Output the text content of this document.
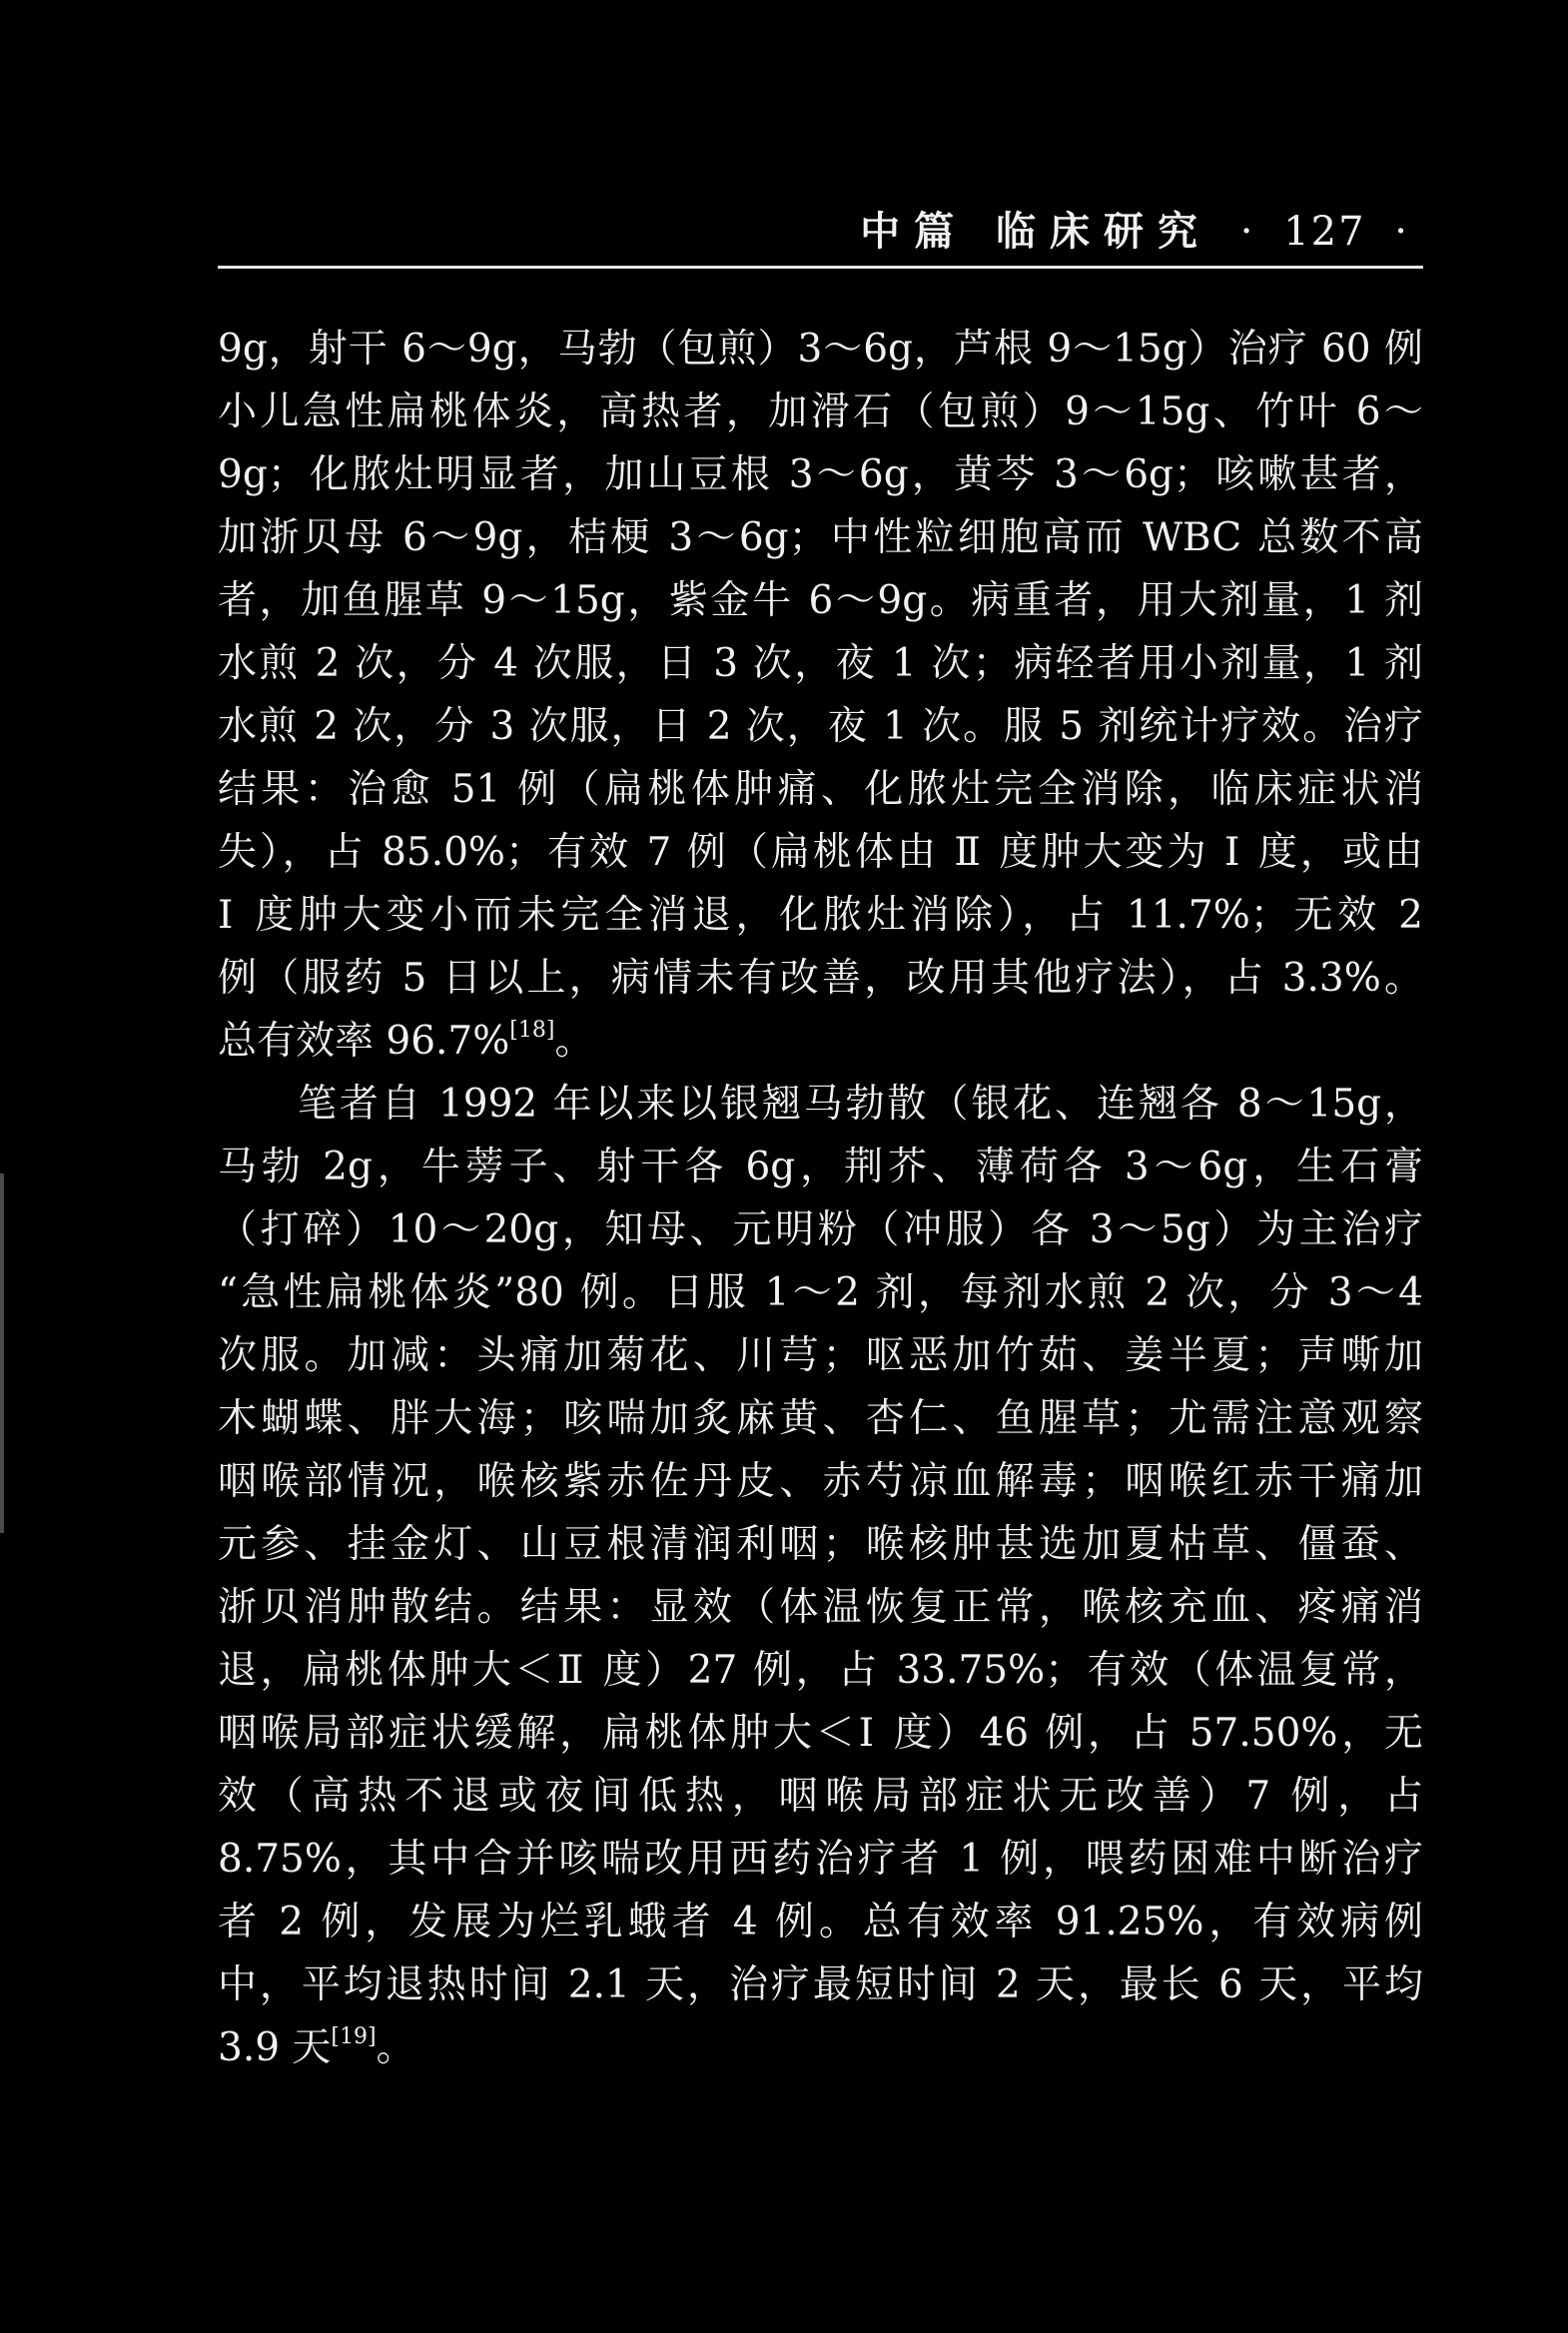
中篇 临床研究 · 127 ·
9g，射干 6～9g，马勃（包煎）3～6g，芦根 9～15g）治疗 60 例
小儿急性扁桃体炎，高热者，加滑石（包煎）9～15g、竹叶 6～
9g；化脓灶明显者，加山豆根 3～6g，黄芩 3～6g；咳嗽甚者，
加浙贝母 6～9g，桔梗 3～6g；中性粒细胞高而 WBC 总数不高
者，加鱼腥草 9～15g，紫金牛 6～9g。病重者，用大剂量，1 剂
水煎 2 次，分 4 次服，日 3 次，夜 1 次；病轻者用小剂量，1 剂
水煎 2 次，分 3 次服，日 2 次，夜 1 次。服 5 剂统计疗效。治疗
结果：治愈 51 例（扁桃体肿痛、化脓灶完全消除，临床症状消
失），占 85.0%；有效 7 例（扁桃体由 Ⅱ 度肿大变为 Ⅰ 度，或由
Ⅰ 度肿大变小而未完全消退，化脓灶消除），占 11.7%；无效 2
例（服药 5 日以上，病情未有改善，改用其他疗法），占 3.3%。
总有效率 96.7%[18]。
笔者自 1992 年以来以银翘马勃散（银花、连翘各 8～15g，
马勃 2g，牛蒡子、射干各 6g，荆芥、薄荷各 3～6g，生石膏
（打碎）10～20g，知母、元明粉（冲服）各 3～5g）为主治疗
“急性扁桃体炎”80 例。日服 1～2 剂，每剂水煎 2 次，分 3～4
次服。加减：头痛加菊花、川芎；呕恶加竹茹、姜半夏；声嘶加
木蝴蝶、胖大海；咳喘加炙麻黄、杏仁、鱼腥草；尤需注意观察
咽喉部情况，喉核紫赤佐丹皮、赤芍凉血解毒；咽喉红赤干痛加
元参、挂金灯、山豆根清润利咽；喉核肿甚选加夏枯草、僵蚕、
浙贝消肿散结。结果：显效（体温恢复正常，喉核充血、疼痛消
退，扁桃体肿大＜Ⅱ 度）27 例，占 33.75%；有效（体温复常，
咽喉局部症状缓解，扁桃体肿大＜Ⅰ 度）46 例，占 57.50%，无
效（高热不退或夜间低热，咽喉局部症状无改善）7 例，占
8.75%，其中合并咳喘改用西药治疗者 1 例，喂药困难中断治疗
者 2 例，发展为烂乳蛾者 4 例。总有效率 91.25%，有效病例
中，平均退热时间 2.1 天，治疗最短时间 2 天，最长 6 天，平均
3.9 天[19]。
